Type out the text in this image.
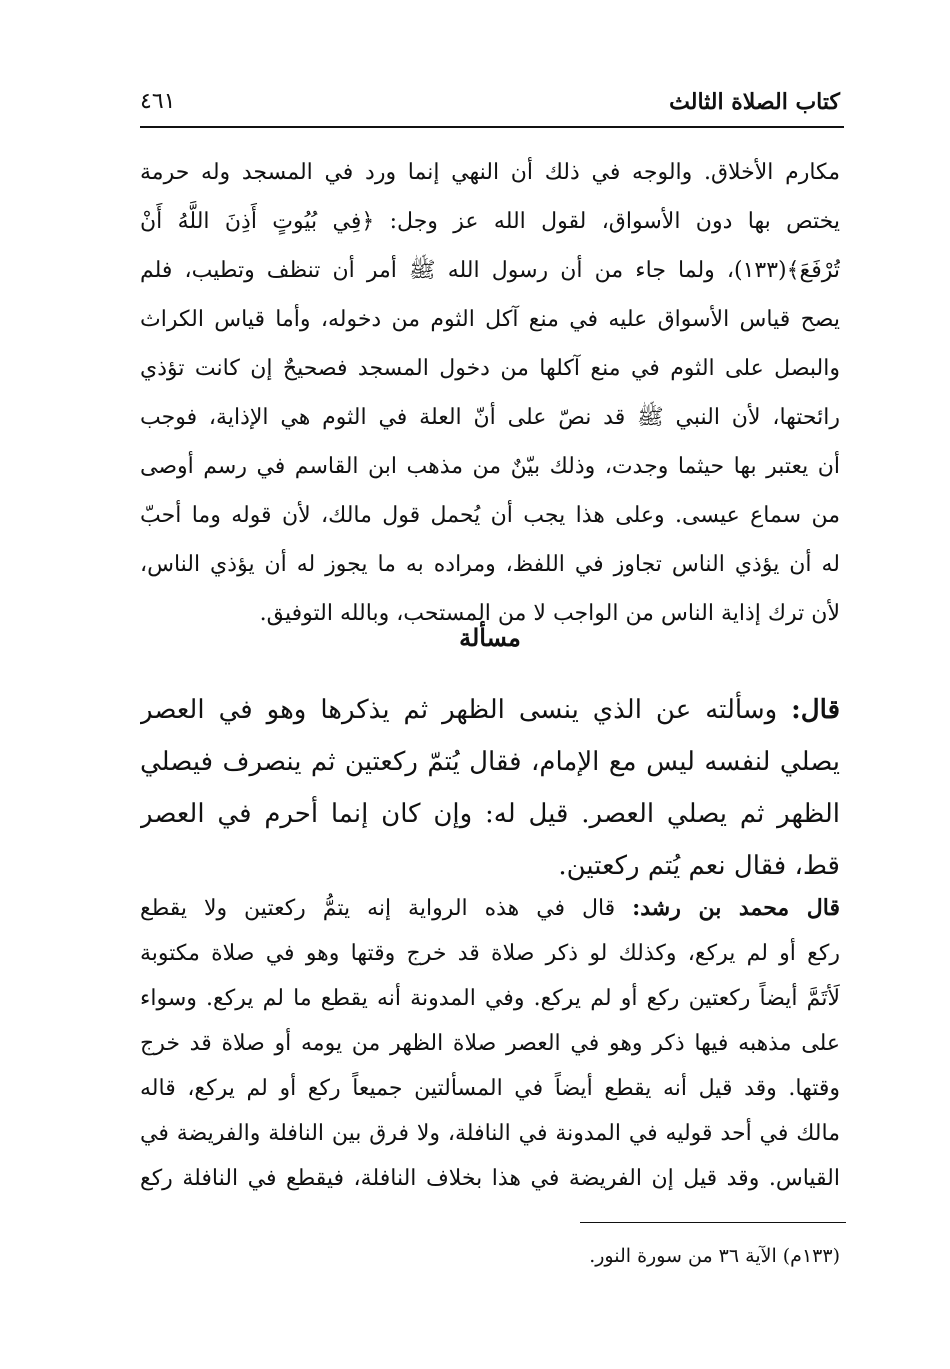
كتاب الصلاة الثالث
٤٦١
مكارم الأخلاق. والوجه في ذلك أن النهي إنما ورد في المسجد وله حرمة
يختص بها دون الأسواق، لقول الله عز وجل: ﴿فِي بُيُوتٍ أَذِنَ اللَّهُ أَنْ
تُرْفَعَ﴾(١٣٣)، ولما جاء من أن رسول الله ﷺ أمر أن تنظف وتطيب، فلم
يصح قياس الأسواق عليه في منع آكل الثوم من دخوله، وأما قياس الكراث
والبصل على الثوم في منع آكلها من دخول المسجد فصحيحٌ إن كانت تؤذي
رائحتها، لأن النبي ﷺ قد نصّ على أنّ العلة في الثوم هي الإذاية، فوجب
أن يعتبر بها حيثما وجدت، وذلك بيّنٌ من مذهب ابن القاسم في رسم أوصى
من سماع عيسى. وعلى هذا يجب أن يُحمل قول مالك، لأن قوله وما أحبّ
له أن يؤذي الناس تجاوز في اللفظ، ومراده به ما يجوز له أن يؤذي الناس،
لأن ترك إذاية الناس من الواجب لا من المستحب، وبالله التوفيق.
مسألة
قال: وسألته عن الذي ينسى الظهر ثم يذكرها وهو في العصر
يصلي لنفسه ليس مع الإمام، فقال يُتمّ ركعتين ثم ينصرف فيصلي
الظهر ثم يصلي العصر. قيل له: وإن كان إنما أحرم في العصر
قط، فقال نعم يُتم ركعتين.
قال محمد بن رشد: قال في هذه الرواية إنه يتمُّ ركعتين ولا يقطع
ركع أو لم يركع، وكذلك لو ذكر صلاة قد خرج وقتها وهو في صلاة مكتوبة
لَأتَمَّ أيضاً ركعتين ركع أو لم يركع. وفي المدونة أنه يقطع ما لم يركع. وسواء
على مذهبه فيها ذكر وهو في العصر صلاة الظهر من يومه أو صلاة قد خرج
وقتها. وقد قيل أنه يقطع أيضاً في المسألتين جميعاً ركع أو لم يركع، قاله
مالك في أحد قوليه في المدونة في النافلة، ولا فرق بين النافلة والفريضة في
القياس. وقد قيل إن الفريضة في هذا بخلاف النافلة، فيقطع في النافلة ركع
(١٣٣م) الآية ٣٦ من سورة النور.
